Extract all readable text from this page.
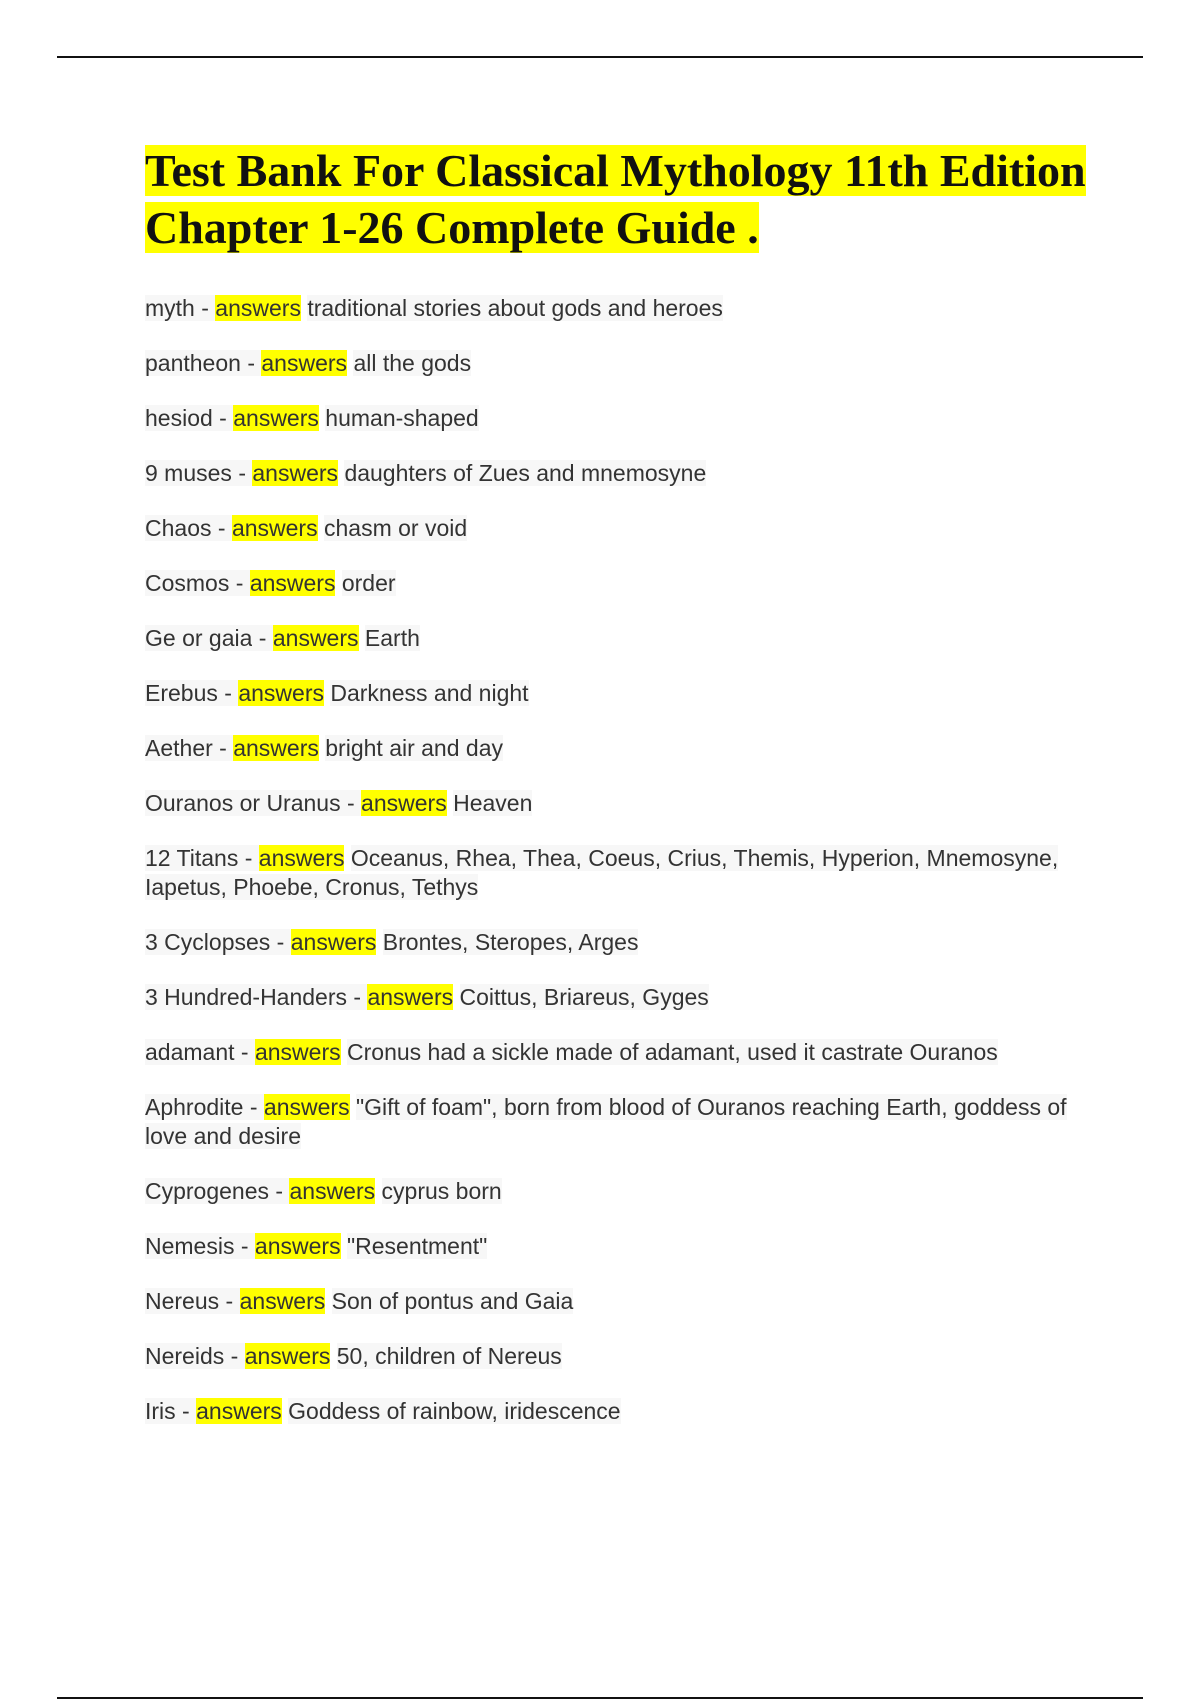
Test Bank For Classical Mythology 11th Edition Chapter 1-26 Complete Guide .
myth - answers traditional stories about gods and heroes
pantheon - answers all the gods
hesiod - answers human-shaped
9 muses - answers daughters of Zues and mnemosyne
Chaos - answers chasm or void
Cosmos - answers order
Ge or gaia - answers Earth
Erebus - answers Darkness and night
Aether - answers bright air and day
Ouranos or Uranus - answers Heaven
12 Titans - answers Oceanus, Rhea, Thea, Coeus, Crius, Themis, Hyperion, Mnemosyne, Iapetus, Phoebe, Cronus, Tethys
3 Cyclopses - answers Brontes, Steropes, Arges
3 Hundred-Handers - answers Coittus, Briareus, Gyges
adamant - answers Cronus had a sickle made of adamant, used it castrate Ouranos
Aphrodite - answers "Gift of foam", born from blood of Ouranos reaching Earth, goddess of love and desire
Cyprogenes - answers cyprus born
Nemesis - answers "Resentment"
Nereus - answers Son of pontus and Gaia
Nereids - answers 50, children of Nereus
Iris - answers Goddess of rainbow, iridescence
